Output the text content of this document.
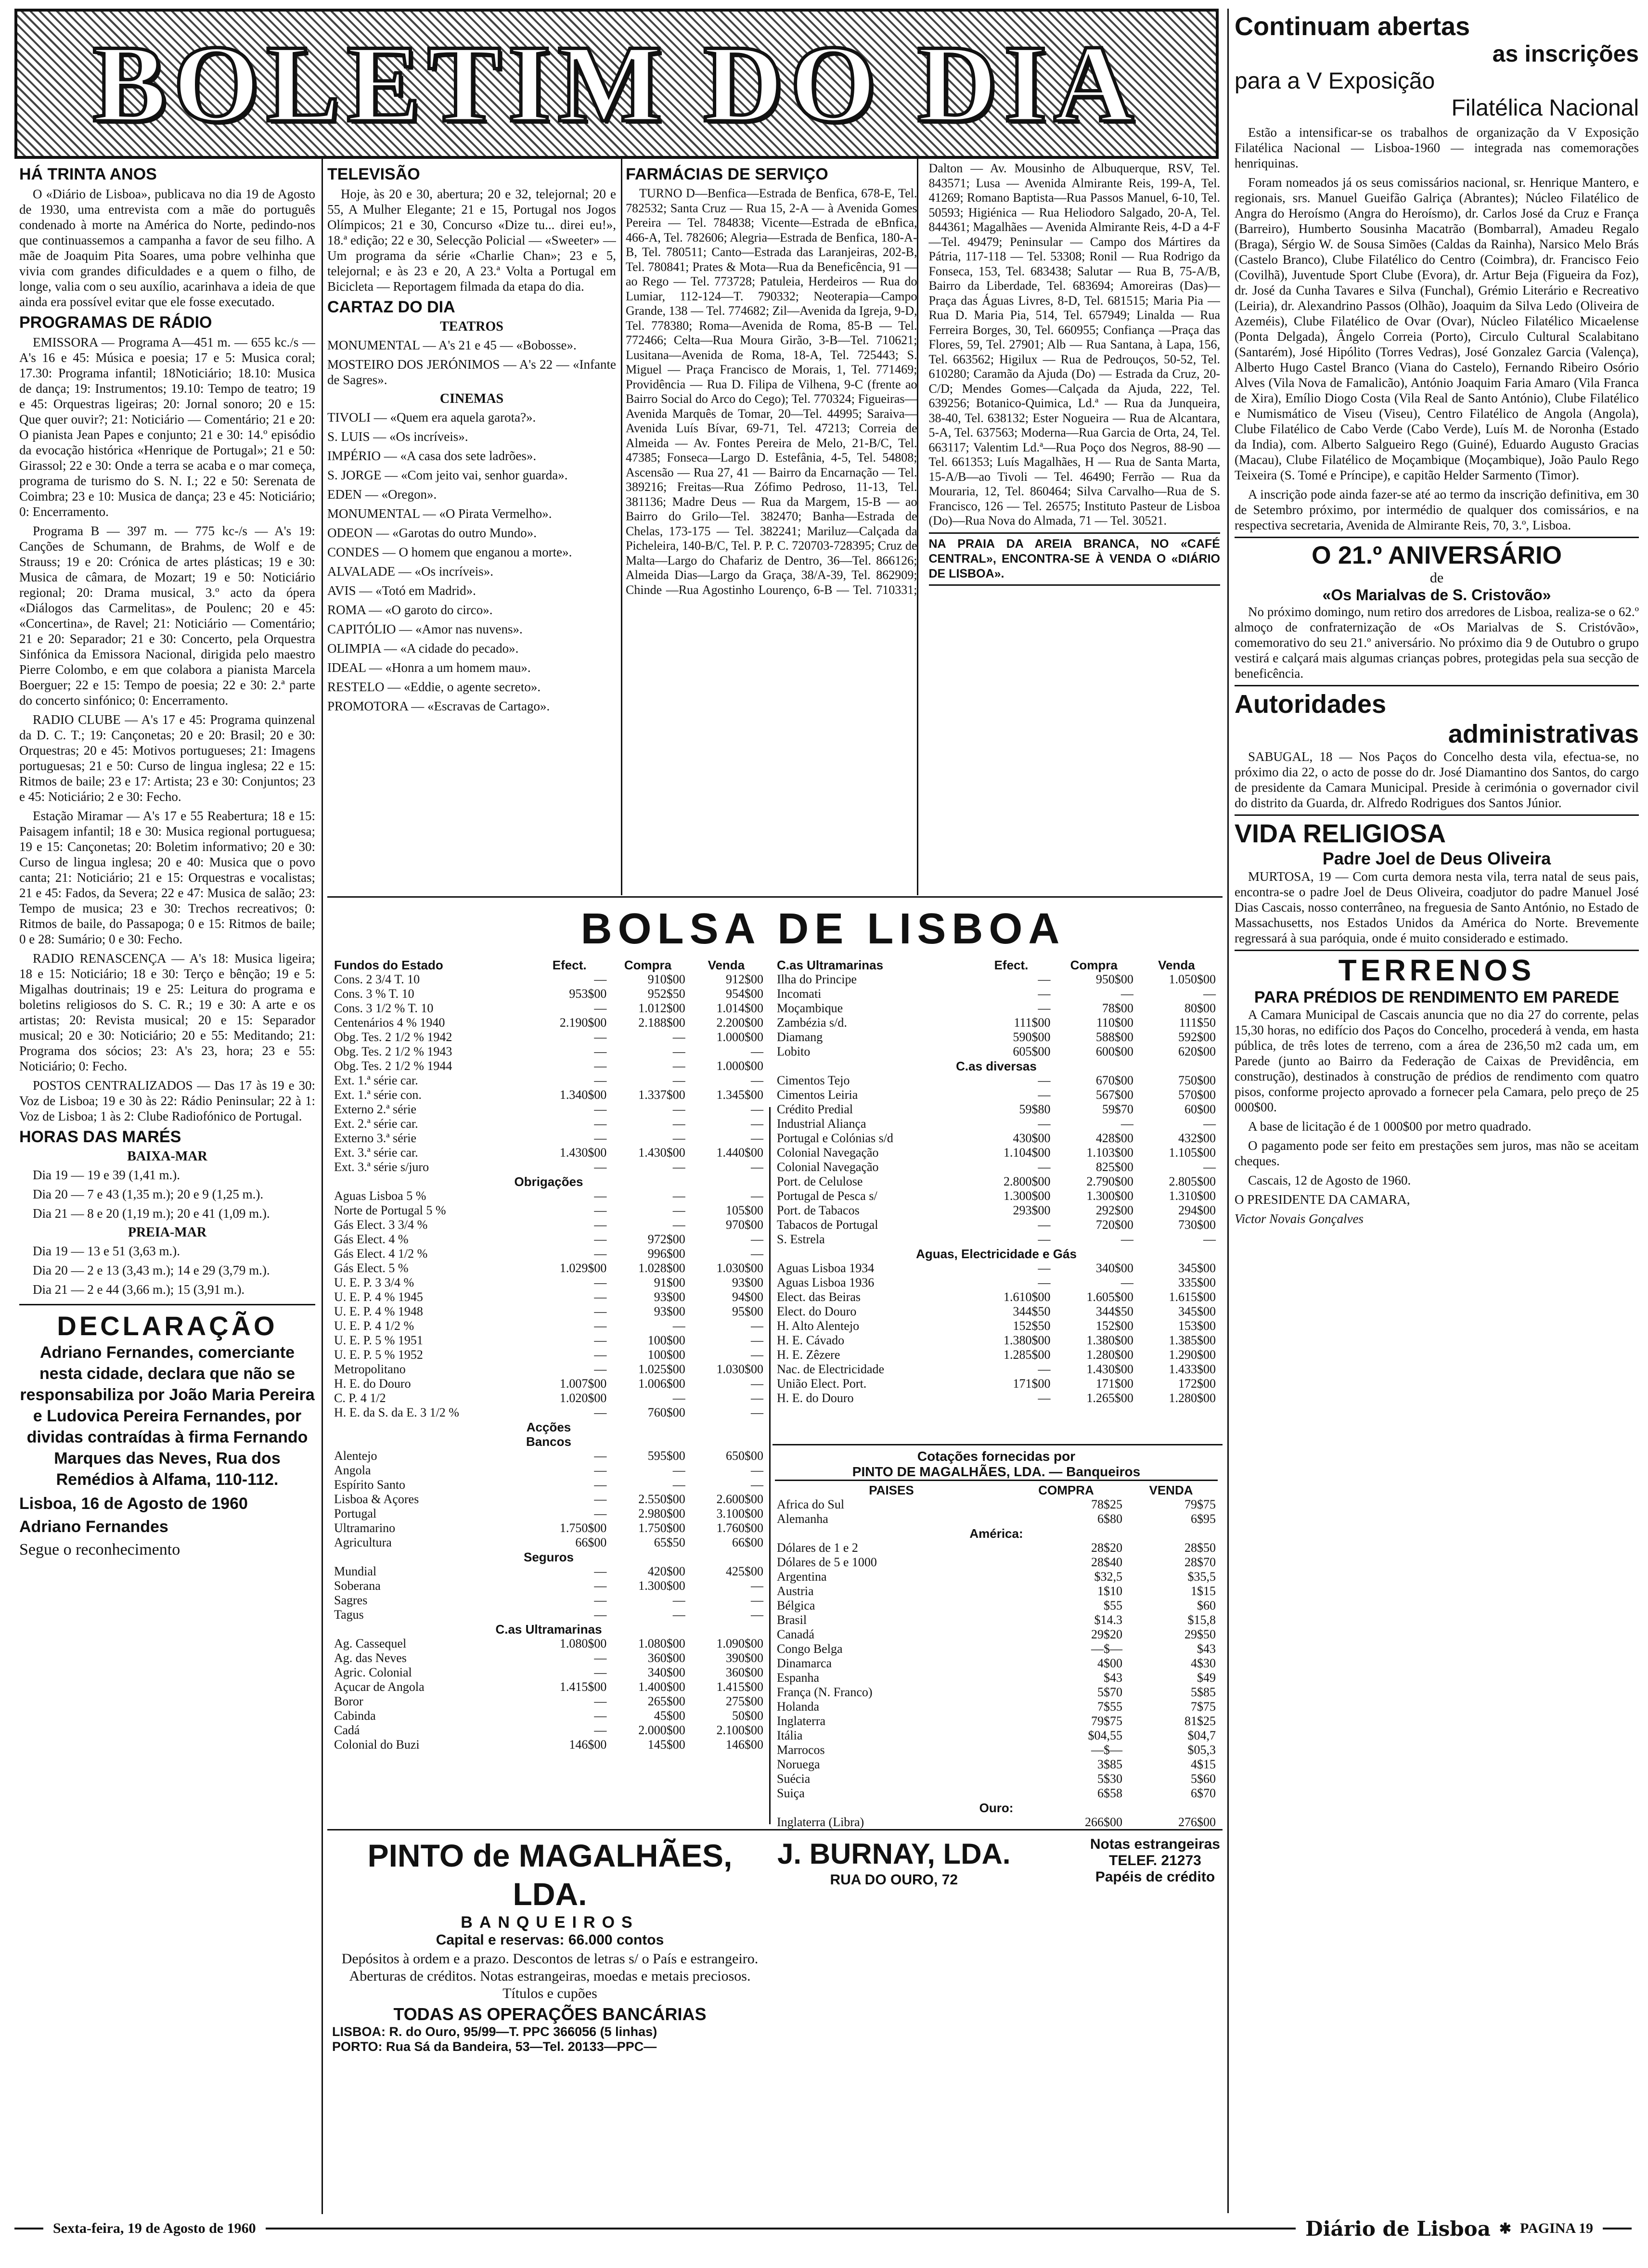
BOLETIM DO DIA
HÁ TRINTA ANOS

O «Diário de Lisboa», publicava no dia 19 de Agosto de 1930, uma entrevista com a mãe do português condenado à morte na América do Norte, pedindo-nos que continuassemos a campanha a favor de seu filho. A mãe de Joaquim Pita Soares, uma pobre velhinha que vivia com grandes dificuldades e a quem o filho, de longe, valia com o seu auxílio, acarinhava a ideia de que ainda era possível evitar que ele fosse executado.

PROGRAMAS DE RÁDIO

EMISSORA — Programa A—451 m. — 655 kc./s — A's 16 e 45: Música e poesia; 17 e 5: Musica coral; 17.30: Programa infantil; 18Noticiário; 18.10: Musica de dança; 19: Instrumentos; 19.10: Tempo de teatro; 19 e 45: Orquestras ligeiras; 20: Jornal sonoro; 20 e 15: Que quer ouvir?; 21: Noticiário — Comentário; 21 e 20: O pianista Jean Papes e conjunto; 21 e 30: 14.º episódio da evocação histórica «Henrique de Portugal»; 21 e 50: Girassol; 22 e 30: Onde a terra se acaba e o mar começa, programa de turismo do S. N. I.; 22 e 50: Serenata de Coimbra; 23 e 10: Musica de dança; 23 e 45: Noticiário; 0: Encerramento.

Programa B — 397 m. — 775 kc-/s — A's 19: Canções de Schumann, de Brahms, de Wolf e de Strauss; 19 e 20: Crónica de artes plásticas; 19 e 30: Musica de câmara, de Mozart; 19 e 50: Noticiário regional; 20: Drama musical, 3.º acto da ópera «Diálogos das Carmelitas», de Poulenc; 20 e 45: «Concertina», de Ravel; 21: Noticiário — Comentário; 21 e 20: Separador; 21 e 30: Concerto, pela Orquestra Sinfónica da Emissora Nacional, dirigida pelo maestro Pierre Colombo, e em que colabora a pianista Marcela Boerguer; 22 e 15: Tempo de poesia; 22 e 30: 2.ª parte do concerto sinfónico; 0: Encerramento.

RADIO CLUBE — A's 17 e 45: Programa quinzenal da D. C. T.; 19: Cançonetas; 20 e 20: Brasil; 20 e 30: Orquestras; 20 e 45: Motivos portugueses; 21: Imagens portuguesas; 21 e 50: Curso de lingua inglesa; 22 e 15: Ritmos de baile; 23 e 17: Artista; 23 e 30: Conjuntos; 23 e 45: Noticiário; 2 e 30: Fecho.

Estação Miramar — A's 17 e 55 Reabertura; 18 e 15: Paisagem infantil; 18 e 30: Musica regional portuguesa; 19 e 15: Cançonetas; 20: Boletim informativo; 20 e 30: Curso de lingua inglesa; 20 e 40: Musica que o povo canta; 21: Noticiário; 21 e 15: Orquestras e vocalistas; 21 e 45: Fados, da Severa; 22 e 47: Musica de salão; 23: Tempo de musica; 23 e 30: Trechos recreativos; 0: Ritmos de baile, do Passapoga; 0 e 15: Ritmos de baile; 0 e 28: Sumário; 0 e 30: Fecho.

RADIO RENASCENÇA — A's 18: Musica ligeira; 18 e 15: Noticiário; 18 e 30: Terço e bênção; 19 e 5: Migalhas doutrinais; 19 e 25: Leitura do programa e boletins religiosos do S. C. R.; 19 e 30: A arte e os artistas; 20: Revista musical; 20 e 15: Separador musical; 20 e 30: Noticiário; 20 e 55: Meditando; 21: Programa dos sócios; 23: A's 23, hora; 23 e 55: Noticiário; 0: Fecho.

POSTOS CENTRALIZADOS — Das 17 às 19 e 30: Voz de Lisboa; 19 e 30 às 22: Rádio Peninsular; 22 à 1: Voz de Lisboa; 1 às 2: Clube Radiofónico de Portugal.

HORAS DAS MARÉS
BAIXA-MAR

Dia 19 — 19 e 39 (1,41 m.).

Dia 20 — 7 e 43 (1,35 m.); 20 e 9 (1,25 m.).

Dia 21 — 8 e 20 (1,19 m.); 20 e 41 (1,09 m.).

PREIA-MAR

Dia 19 — 13 e 51 (3,63 m.).

Dia 20 — 2 e 13 (3,43 m.); 14 e 29 (3,79 m.).

Dia 21 — 2 e 44 (3,66 m.); 15 (3,91 m.).

DECLARAÇÃO

Adriano Fernandes, comerciante nesta cidade, declara que não se responsabiliza por João Maria Pereira e Ludovica Pereira Fernandes, por dividas contraídas à firma Fernando Marques das Neves, Rua dos Remédios à Alfama, 110-112.

Lisboa, 16 de Agosto de 1960

Adriano Fernandes

Segue o reconhecimento

TELEVISÃO

Hoje, às 20 e 30, abertura; 20 e 32, telejornal; 20 e 55, A Mulher Elegante; 21 e 15, Portugal nos Jogos Olímpicos; 21 e 30, Concurso «Dize tu... direi eu!», 18.ª edição; 22 e 30, Selecção Policial — «Sweeter» — Um programa da série «Charlie Chan»; 23 e 5, telejornal; e às 23 e 20, A 23.ª Volta a Portugal em Bicicleta — Reportagem filmada da etapa do dia.

CARTAZ DO DIA
TEATROS

MONUMENTAL — A's 21 e 45 — «Bobosse».

MOSTEIRO DOS JERÓNIMOS — A's 22 — «Infante de Sagres».

CINEMAS

TIVOLI — «Quem era aquela garota?».

S. LUIS — «Os incríveis».

IMPÉRIO — «A casa dos sete ladrões».

S. JORGE — «Com jeito vai, senhor guarda».

EDEN — «Oregon».

MONUMENTAL — «O Pirata Vermelho».

ODEON — «Garotas do outro Mundo».

CONDES — O homem que enganou a morte».

ALVALADE — «Os incríveis».

AVIS — «Totó em Madrid».

ROMA — «O garoto do circo».

CAPITÓLIO — «Amor nas nuvens».

OLIMPIA — «A cidade do pecado».

IDEAL — «Honra a um homem mau».

RESTELO — «Eddie, o agente secreto».

PROMOTORA — «Escravas de Cartago».

FARMÁCIAS DE SERVIÇO

TURNO D—Benfica—Estrada de Benfica, 678-E, Tel. 782532; Santa Cruz — Rua 15, 2-A — à Avenida Gomes Pereira — Tel. 784838; Vicente—Estrada de eBnfica, 466-A, Tel. 782606; Alegria—Estrada de Benfica, 180-A-B, Tel. 780511; Canto—Estrada das Laranjeiras, 202-B, Tel. 780841; Prates & Mota—Rua da Beneficência, 91 — ao Rego — Tel. 773728; Patuleia, Herdeiros — Rua do Lumiar, 112-124—T. 790332; Neoterapia—Campo Grande, 138 — Tel. 774682; Zil—Avenida da Igreja, 9-D, Tel. 778380; Roma—Avenida de Roma, 85-B — Tel. 772466; Celta—Rua Moura Girão, 3-B—Tel. 710621; Lusitana—Avenida de Roma, 18-A, Tel. 725443; S. Miguel — Praça Francisco de Morais, 1, Tel. 771469; Providência — Rua D. Filipa de Vilhena, 9-C (frente ao Bairro Social do Arco do Cego); Tel. 770324; Figueiras—Avenida Marquês de Tomar, 20—Tel. 44995; Saraiva—Avenida Luís Bívar, 69-71, Tel. 47213; Correia de Almeida — Av. Fontes Pereira de Melo, 21-B/C, Tel. 47385; Fonseca—Largo D. Estefânia, 4-5, Tel. 54808; Ascensão — Rua 27, 41 — Bairro da Encarnação — Tel. 389216; Freitas—Rua Zófimo Pedroso, 11-13, Tel. 381136; Madre Deus — Rua da Margem, 15-B — ao Bairro do Grilo—Tel. 382470; Banha—Estrada de Chelas, 173-175 — Tel. 382241; Mariluz—Calçada da Picheleira, 140-B/C, Tel. P. P. C. 720703-728395; Cruz de Malta—Largo do Chafariz de Dentro, 36—Tel. 866126; Almeida Dias—Largo da Graça, 38/A-39, Tel. 862909; Chinde —Rua Agostinho Lourenço, 6-B — Tel. 710331; Dalton — Av. Mousinho de Albuquerque, RSV, Tel. 843571; Lusa — Avenida Almirante Reis, 199-A, Tel. 41269; Romano Baptista—Rua Passos Manuel, 6-10, Tel. 50593; Higiénica — Rua Heliodoro Salgado, 20-A, Tel. 844361; Magalhães — Avenida Almirante Reis, 4-D a 4-F—Tel. 49479; Peninsular — Campo dos Mártires da Pátria, 117-118 — Tel. 53308; Ronil — Rua Rodrigo da Fonseca, 153, Tel. 683438; Salutar — Rua B, 75-A/B, Bairro da Liberdade, Tel. 683694; Amoreiras (Das)—Praça das Águas Livres, 8-D, Tel. 681515; Maria Pia — Rua D. Maria Pia, 514, Tel. 657949; Linalda — Rua Ferreira Borges, 30, Tel. 660955; Confiança —Praça das Flores, 59, Tel. 27901; Alb — Rua Santana, à Lapa, 156, Tel. 663562; Higilux — Rua de Pedrouços, 50-52, Tel. 610280; Caramão da Ajuda (Do) — Estrada da Cruz, 20-C/D; Mendes Gomes—Calçada da Ajuda, 222, Tel. 639256; Botanico-Quimica, Ld.ª — Rua da Junqueira, 38-40, Tel. 638132; Ester Nogueira — Rua de Alcantara, 5-A, Tel. 637563; Moderna—Rua Garcia de Orta, 24, Tel. 663117; Valentim Ld.ª—Rua Poço dos Negros, 88-90 — Tel. 661353; Luís Magalhães, H — Rua de Santa Marta, 15-A/B—ao Tivoli — Tel. 46490; Ferrão — Rua da Mouraria, 12, Tel. 860464; Silva Carvalho—Rua de S. Francisco, 126 — Tel. 26575; Instituto Pasteur de Lisboa (Do)—Rua Nova do Almada, 71 — Tel. 30521.

NA PRAIA DA AREIA BRANCA, NO «CAFÉ CENTRAL», ENCONTRA-SE À VENDA O «DIÁRIO DE LISBOA».

BOLSA DE LISBOA
Fundos do Estado	Efect.	Compra	Venda
Cons. 2 3/4 T. 10	—	910$00	912$00
Cons. 3 % T. 10	953$00	952$50	954$00
Cons. 3 1/2 % T. 10	—	1.012$00	1.014$00
Centenários 4 % 1940	2.190$00	2.188$00	2.200$00
Obg. Tes. 2 1/2 % 1942	—	—	1.000$00
Obg. Tes. 2 1/2 % 1943	—	—	—
Obg. Tes. 2 1/2 % 1944	—	—	1.000$00
Ext. 1.ª série car.	—	—	—
Ext. 1.ª série con.	1.340$00	1.337$00	1.345$00
Externo 2.ª série	—	—	—
Ext. 2.ª série car.	—	—	—
Externo 3.ª série	—	—	—
Ext. 3.ª série car.	1.430$00	1.430$00	1.440$00
Ext. 3.ª série s/juro	—	—	—
Obrigações			
Aguas Lisboa 5 %	—	—	—
Norte de Portugal 5 %	—	—	105$00
Gás Elect. 3 3/4 %	—	—	970$00
Gás Elect. 4 %	—	972$00	—
Gás Elect. 4 1/2 %	—	996$00	—
Gás Elect. 5 %	1.029$00	1.028$00	1.030$00
U. E. P. 3 3/4 %	—	91$00	93$00
U. E. P. 4 % 1945	—	93$00	94$00
U. E. P. 4 % 1948	—	93$00	95$00
U. E. P. 4 1/2 %	—	—	—
U. E. P. 5 % 1951	—	100$00	—
U. E. P. 5 % 1952	—	100$00	—
Metropolitano	—	1.025$00	1.030$00
H. E. do Douro	1.007$00	1.006$00	—
C. P. 4 1/2	1.020$00	—	—
H. E. da S. da E. 3 1/2 %	—	760$00	—
Acções			
Bancos			
Alentejo	—	595$00	650$00
Angola	—	—	—
Espírito Santo	—	—	—
Lisboa & Açores	—	2.550$00	2.600$00
Portugal	—	2.980$00	3.100$00
Ultramarino	1.750$00	1.750$00	1.760$00
Agricultura	66$00	65$50	66$00
Seguros			
Mundial	—	420$00	425$00
Soberana	—	1.300$00	—
Sagres	—	—	—
Tagus	—	—	—
C.as Ultramarinas			
Ag. Cassequel	1.080$00	1.080$00	1.090$00
Ag. das Neves	—	360$00	390$00
Agric. Colonial	—	340$00	360$00
Açucar de Angola	1.415$00	1.400$00	1.415$00
Boror	—	265$00	275$00
Cabinda	—	45$00	50$00
Cadá	—	2.000$00	2.100$00
Colonial do Buzi	146$00	145$00	146$00
C.as Ultramarinas	Efect.	Compra	Venda
Ilha do Principe	—	950$00	1.050$00
Incomati	—	—	—
Moçambique	—	78$00	80$00
Zambézia s/d.	111$00	110$00	111$50
Diamang	590$00	588$00	592$00
Lobito	605$00	600$00	620$00
C.as diversas			
Cimentos Tejo	—	670$00	750$00
Cimentos Leiria	—	567$00	570$00
Crédito Predial	59$80	59$70	60$00
Industrial Aliança	—	—	—
Portugal e Colónias s/d	430$00	428$00	432$00
Colonial Navegação	1.104$00	1.103$00	1.105$00
Colonial Navegação	—	825$00	—
Port. de Celulose	2.800$00	2.790$00	2.805$00
Portugal de Pesca s/	1.300$00	1.300$00	1.310$00
Port. de Tabacos	293$00	292$00	294$00
Tabacos de Portugal	—	720$00	730$00
S. Estrela	—	—	—
Aguas, Electricidade e Gás			
Aguas Lisboa 1934	—	340$00	345$00
Aguas Lisboa 1936	—	—	335$00
Elect. das Beiras	1.610$00	1.605$00	1.615$00
Elect. do Douro	344$50	344$50	345$00
H. Alto Alentejo	152$50	152$00	153$00
H. E. Cávado	1.380$00	1.380$00	1.385$00
H. E. Zêzere	1.285$00	1.280$00	1.290$00
Nac. de Electricidade	—	1.430$00	1.433$00
União Elect. Port.	171$00	171$00	172$00
H. E. do Douro	—	1.265$00	1.280$00
Cotações fornecidas por
PINTO DE MAGALHÃES, LDA. — Banqueiros
PAISES	COMPRA	VENDA
Africa do Sul	78$25	79$75
Alemanha	6$80	6$95
América:		
Dólares de 1 e 2	28$20	28$50
Dólares de 5 e 1000	28$40	28$70
Argentina	$32,5	$35,5
Austria	1$10	1$15
Bélgica	$55	$60
Brasil	$14.3	$15,8
Canadá	29$20	29$50
Congo Belga	—$—	$43
Dinamarca	4$00	4$30
Espanha	$43	$49
França (N. Franco)	5$70	5$85
Holanda	7$55	7$75
Inglaterra	79$75	81$25
Itália	$04,55	$04,7
Marrocos	—$—	$05,3
Noruega	3$85	4$15
Suécia	5$30	5$60
Suiça	6$58	6$70
Ouro:		
Inglaterra (Libra)	266$00	276$00

PINTO de MAGALHÃES, LDA.
BANQUEIROS
Capital e reservas: 66.000 contos
Depósitos à ordem e a prazo. Descontos de letras s/ o País e estrangeiro. Aberturas de créditos. Notas estrangeiras, moedas e metais preciosos. Títulos e cupões
TODAS AS OPERAÇÕES BANCÁRIAS
LISBOA: R. do Ouro, 95/99—T. PPC 366056 (5 linhas)
PORTO: Rua Sá da Bandeira, 53—Tel. 20133—PPC—
J. BURNAY, LDA.
RUA DO OURO, 72
Notas estrangeiras
TELEF. 21273
Papéis de crédito
Continuam abertas
as inscrições
para a V Exposição
Filatélica Nacional

Estão a intensificar-se os trabalhos de organização da V Exposição Filatélica Nacional — Lisboa-1960 — integrada nas comemorações henriquinas.

Foram nomeados já os seus comissários nacional, sr. Henrique Mantero, e regionais, srs. Manuel Gueifão Galriça (Abrantes); Núcleo Filatélico de Angra do Heroísmo (Angra do Heroísmo), dr. Carlos José da Cruz e França (Barreiro), Humberto Sousinha Macatrão (Bombarral), Amadeu Regalo (Braga), Sérgio W. de Sousa Simões (Caldas da Rainha), Narsico Melo Brás (Castelo Branco), Clube Filatélico do Centro (Coimbra), dr. Francisco Feio (Covilhã), Juventude Sport Clube (Evora), dr. Artur Beja (Figueira da Foz), dr. José da Cunha Tavares e Silva (Funchal), Grémio Literário e Recreativo (Leiria), dr. Alexandrino Passos (Olhão), Joaquim da Silva Ledo (Oliveira de Azeméis), Clube Filatélico de Ovar (Ovar), Núcleo Filatélico Micaelense (Ponta Delgada), Ângelo Correia (Porto), Circulo Cultural Scalabitano (Santarém), José Hipólito (Torres Vedras), José Gonzalez Garcia (Valença), Alberto Hugo Castel Branco (Viana do Castelo), Fernando Ribeiro Osório Alves (Vila Nova de Famalicão), António Joaquim Faria Amaro (Vila Franca de Xira), Emílio Diogo Costa (Vila Real de Santo António), Clube Filatélico e Numismático de Viseu (Viseu), Centro Filatélico de Angola (Angola), Clube Filatélico de Cabo Verde (Cabo Verde), Luís M. de Noronha (Estado da India), com. Alberto Salgueiro Rego (Guiné), Eduardo Augusto Gracias (Macau), Clube Filatélico de Moçambique (Moçambique), João Paulo Rego Teixeira (S. Tomé e Príncipe), e capitão Helder Sarmento (Timor).

A inscrição pode ainda fazer-se até ao termo da inscrição definitiva, em 30 de Setembro próximo, por intermédio de qualquer dos comissários, e na respectiva secretaria, Avenida de Almirante Reis, 70, 3.º, Lisboa.

O 21.º ANIVERSÁRIO
de
«Os Marialvas de S. Cristovão»

No próximo domingo, num retiro dos arredores de Lisboa, realiza-se o 62.º almoço de confraternização de «Os Marialvas de S. Cristóvão», comemorativo do seu 21.º aniversário. No próximo dia 9 de Outubro o grupo vestirá e calçará mais algumas crianças pobres, protegidas pela sua secção de beneficência.

Autoridades
administrativas

SABUGAL, 18 — Nos Paços do Concelho desta vila, efectua-se, no próximo dia 22, o acto de posse do dr. José Diamantino dos Santos, do cargo de presidente da Camara Municipal. Preside à cerimónia o governador civil do distrito da Guarda, dr. Alfredo Rodrigues dos Santos Júnior.

VIDA RELIGIOSA
Padre Joel de Deus Oliveira

MURTOSA, 19 — Com curta demora nesta vila, terra natal de seus pais, encontra-se o padre Joel de Deus Oliveira, coadjutor do padre Manuel José Dias Cascais, nosso conterrâneo, na freguesia de Santo António, no Estado de Massachusetts, nos Estados Unidos da América do Norte. Brevemente regressará à sua paróquia, onde é muito considerado e estimado.

TERRENOS
PARA PRÉDIOS DE RENDIMENTO EM PAREDE

A Camara Municipal de Cascais anuncia que no dia 27 do corrente, pelas 15,30 horas, no edifício dos Paços do Concelho, procederá à venda, em hasta pública, de três lotes de terreno, com a área de 236,50 m2 cada um, em Parede (junto ao Bairro da Federação de Caixas de Previdência, em construção), destinados à construção de prédios de rendimento com quatro pisos, conforme projecto aprovado a fornecer pela Camara, pelo preço de 25 000$00.

A base de licitação é de 1 000$00 por metro quadrado.

O pagamento pode ser feito em prestações sem juros, mas não se aceitam cheques.

Cascais, 12 de Agosto de 1960.

O PRESIDENTE DA CAMARA,

Victor Novais Gonçalves

Sexta-feira, 19 de Agosto de 1960	Diário de Lisboa ✱ PAGINA 19
